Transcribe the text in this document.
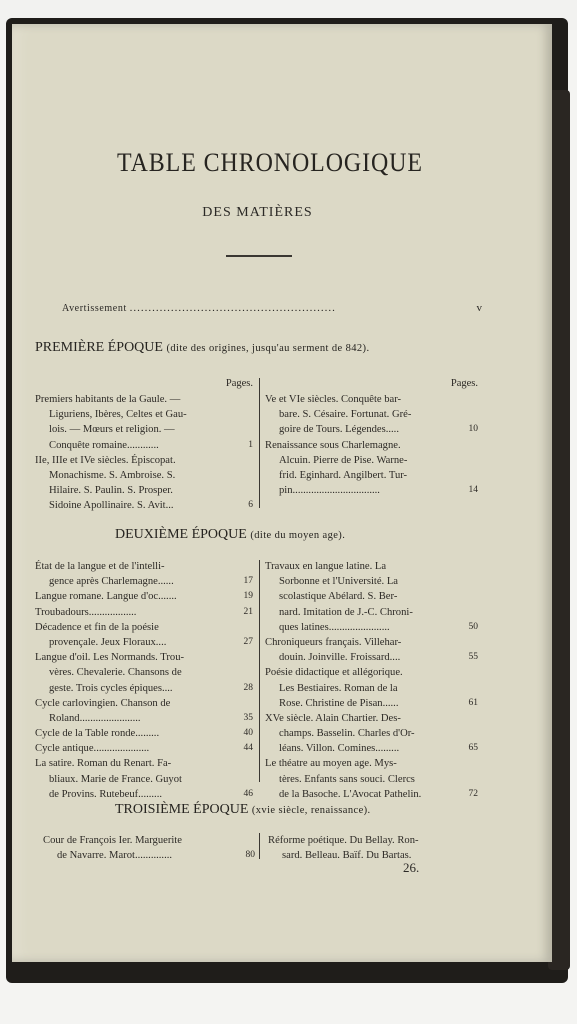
TABLE CHRONOLOGIQUE
DES MATIÈRES
Avertissement .......................................................	v
PREMIÈRE ÉPOQUE (dite des origines, jusqu'au serment de 842).
Pages.
Premiers habitants de la Gaule. —
Liguriens, Ibères, Celtes et Gau-
lois. — Mœurs et religion. —
Conquête romaine............	1
IIe, IIIe et IVe siècles. Épiscopat.
Monachisme. S. Ambroise. S.
Hilaire. S. Paulin. S. Prosper.
Sidoine Apollinaire. S. Avit...	6
Pages.
Ve et VIe siècles. Conquête bar-
bare. S. Césaire. Fortunat. Gré-
goire de Tours. Légendes.....	10
Renaissance sous Charlemagne.
Alcuin. Pierre de Pise. Warne-
frid. Eginhard. Angilbert. Tur-
pin.................................	14
DEUXIÈME ÉPOQUE (dite du moyen age).
État de la langue et de l'intelli-
gence après Charlemagne......	17
Langue romane. Langue d'oc.......	19
Troubadours..................	21
Décadence et fin de la poésie
provençale. Jeux Floraux....	27
Langue d'oil. Les Normands. Trou-
vères. Chevalerie. Chansons de
geste. Trois cycles épiques....	28
Cycle carlovingien. Chanson de
Roland.......................	35
Cycle de la Table ronde.........	40
Cycle antique.....................	44
La satire. Roman du Renart. Fa-
bliaux. Marie de France. Guyot
de Provins. Rutebeuf.........	46
Travaux en langue latine. La
Sorbonne et l'Université. La
scolastique Abélard. S. Ber-
nard. Imitation de J.-C. Chroni-
ques latines.......................	50
Chroniqueurs français. Villehar-
douin. Joinville. Froissard....	55
Poésie didactique et allégorique.
Les Bestiaires. Roman de la
Rose. Christine de Pisan......	61
XVe siècle. Alain Chartier. Des-
champs. Basselin. Charles d'Or-
léans. Villon. Comines.........	65
Le théatre au moyen age. Mys-
tères. Enfants sans souci. Clercs
de la Basoche. L'Avocat Pathelin.	72
TROISIÈME ÉPOQUE (xvie siècle, renaissance).
Cour de François Ier. Marguerite
de Navarre. Marot..............	80
Réforme poétique. Du Bellay. Ron-
sard. Belleau. Baïf. Du Bartas.
26.
